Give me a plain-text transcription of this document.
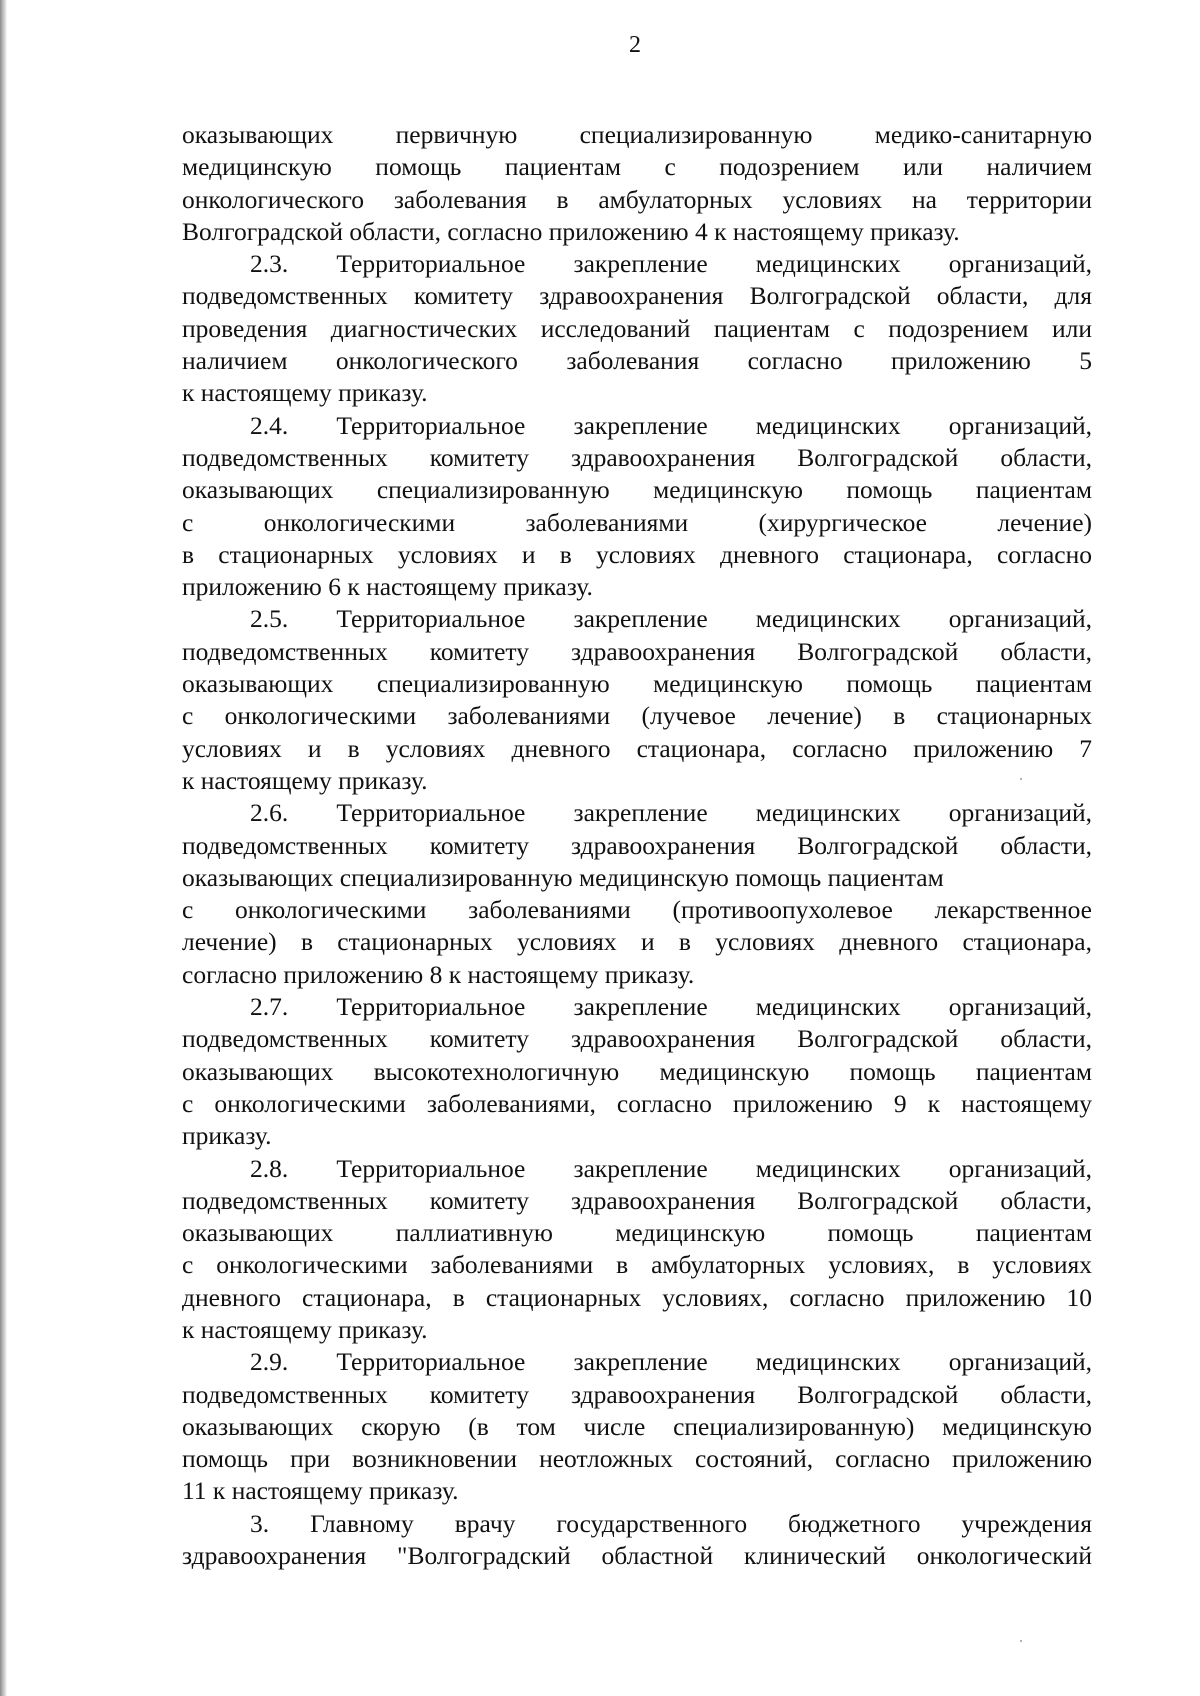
2
оказывающих первичную специализированную медико-санитарную
медицинскую помощь пациентам с подозрением или наличием
онкологического заболевания в амбулаторных условиях на территории
Волгоградской области, согласно приложению 4 к настоящему приказу.
2.3. Территориальное закрепление медицинских организаций,
подведомственных комитету здравоохранения Волгоградской области, для
проведения диагностических исследований пациентам с подозрением или
наличием онкологического заболевания согласно приложению 5
к настоящему приказу.
2.4. Территориальное закрепление медицинских организаций,
подведомственных комитету здравоохранения Волгоградской области,
оказывающих специализированную медицинскую помощь пациентам
с онкологическими заболеваниями (хирургическое лечение)
в стационарных условиях и в условиях дневного стационара, согласно
приложению 6 к настоящему приказу.
2.5. Территориальное закрепление медицинских организаций,
подведомственных комитету здравоохранения Волгоградской области,
оказывающих специализированную медицинскую помощь пациентам
с онкологическими заболеваниями (лучевое лечение) в стационарных
условиях и в условиях дневного стационара, согласно приложению 7
к настоящему приказу.
2.6. Территориальное закрепление медицинских организаций,
подведомственных комитету здравоохранения Волгоградской области,
оказывающих специализированную медицинскую помощь пациентам
с онкологическими заболеваниями (противоопухолевое лекарственное
лечение) в стационарных условиях и в условиях дневного стационара,
согласно приложению 8 к настоящему приказу.
2.7. Территориальное закрепление медицинских организаций,
подведомственных комитету здравоохранения Волгоградской области,
оказывающих высокотехнологичную медицинскую помощь пациентам
с онкологическими заболеваниями, согласно приложению 9 к настоящему
приказу.
2.8. Территориальное закрепление медицинских организаций,
подведомственных комитету здравоохранения Волгоградской области,
оказывающих паллиативную медицинскую помощь пациентам
с онкологическими заболеваниями в амбулаторных условиях, в условиях
дневного стационара, в стационарных условиях, согласно приложению 10
к настоящему приказу.
2.9. Территориальное закрепление медицинских организаций,
подведомственных комитету здравоохранения Волгоградской области,
оказывающих скорую (в том числе специализированную) медицинскую
помощь при возникновении неотложных состояний, согласно приложению
11 к настоящему приказу.
3. Главному врачу государственного бюджетного учреждения
здравоохранения "Волгоградский областной клинический онкологический
